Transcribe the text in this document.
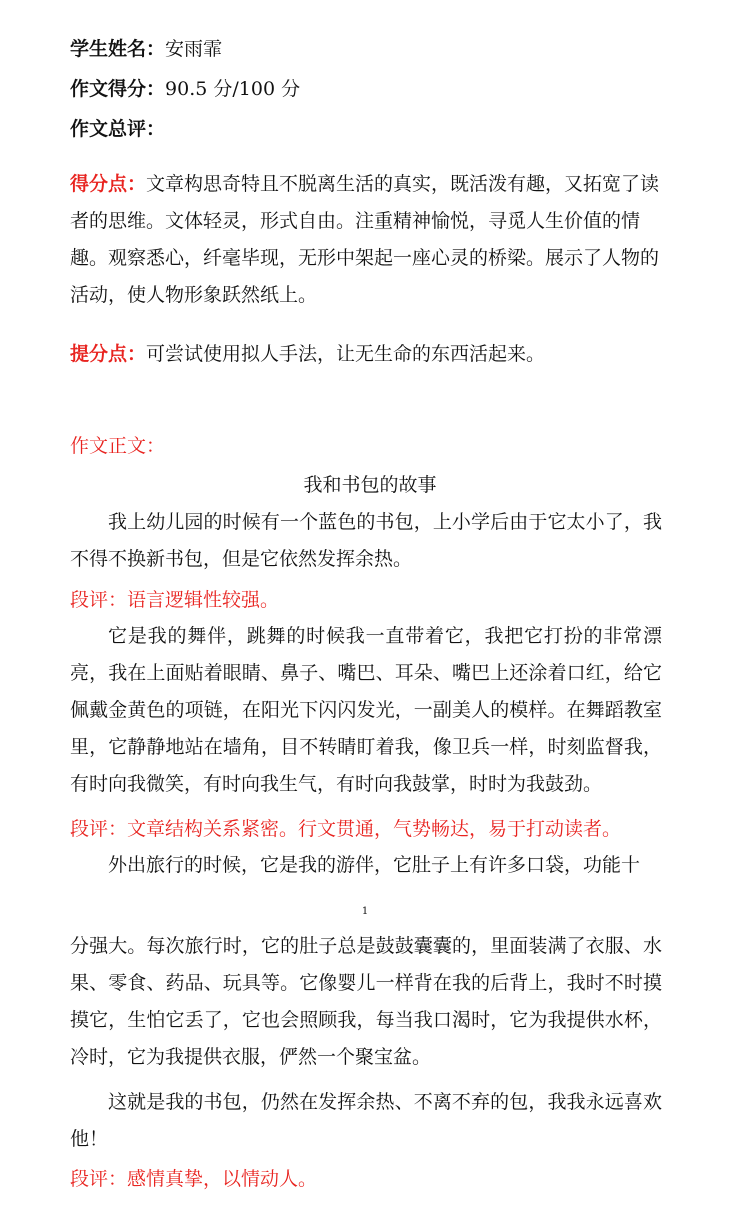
学生姓名：安雨霏
作文得分：90.5 分/100 分
作文总评：
得分点：文章构思奇特且不脱离生活的真实，既活泼有趣，又拓宽了读者的思维。文体轻灵，形式自由。注重精神愉悦，寻觅人生价值的情趣。观察悉心，纤毫毕现，无形中架起一座心灵的桥梁。展示了人物的活动，使人物形象跃然纸上。
提分点：可尝试使用拟人手法，让无生命的东西活起来。
作文正文：
我和书包的故事
我上幼儿园的时候有一个蓝色的书包，上小学后由于它太小了，我不得不换新书包，但是它依然发挥余热。
段评：语言逻辑性较强。
它是我的舞伴，跳舞的时候我一直带着它，我把它打扮的非常漂亮，我在上面贴着眼睛、鼻子、嘴巴、耳朵、嘴巴上还涂着口红，给它佩戴金黄色的项链，在阳光下闪闪发光，一副美人的模样。在舞蹈教室里，它静静地站在墙角，目不转睛盯着我，像卫兵一样，时刻监督我，有时向我微笑，有时向我生气，有时向我鼓掌，时时为我鼓劲。
段评：文章结构关系紧密。行文贯通，气势畅达，易于打动读者。
外出旅行的时候，它是我的游伴，它肚子上有许多口袋，功能十
1
分强大。每次旅行时，它的肚子总是鼓鼓囊囊的，里面装满了衣服、水果、零食、药品、玩具等。它像婴儿一样背在我的后背上，我时不时摸摸它，生怕它丢了，它也会照顾我，每当我口渴时，它为我提供水杯，冷时，它为我提供衣服，俨然一个聚宝盆。
这就是我的书包，仍然在发挥余热、不离不弃的包，我我永远喜欢他！
段评：感情真挚，以情动人。
